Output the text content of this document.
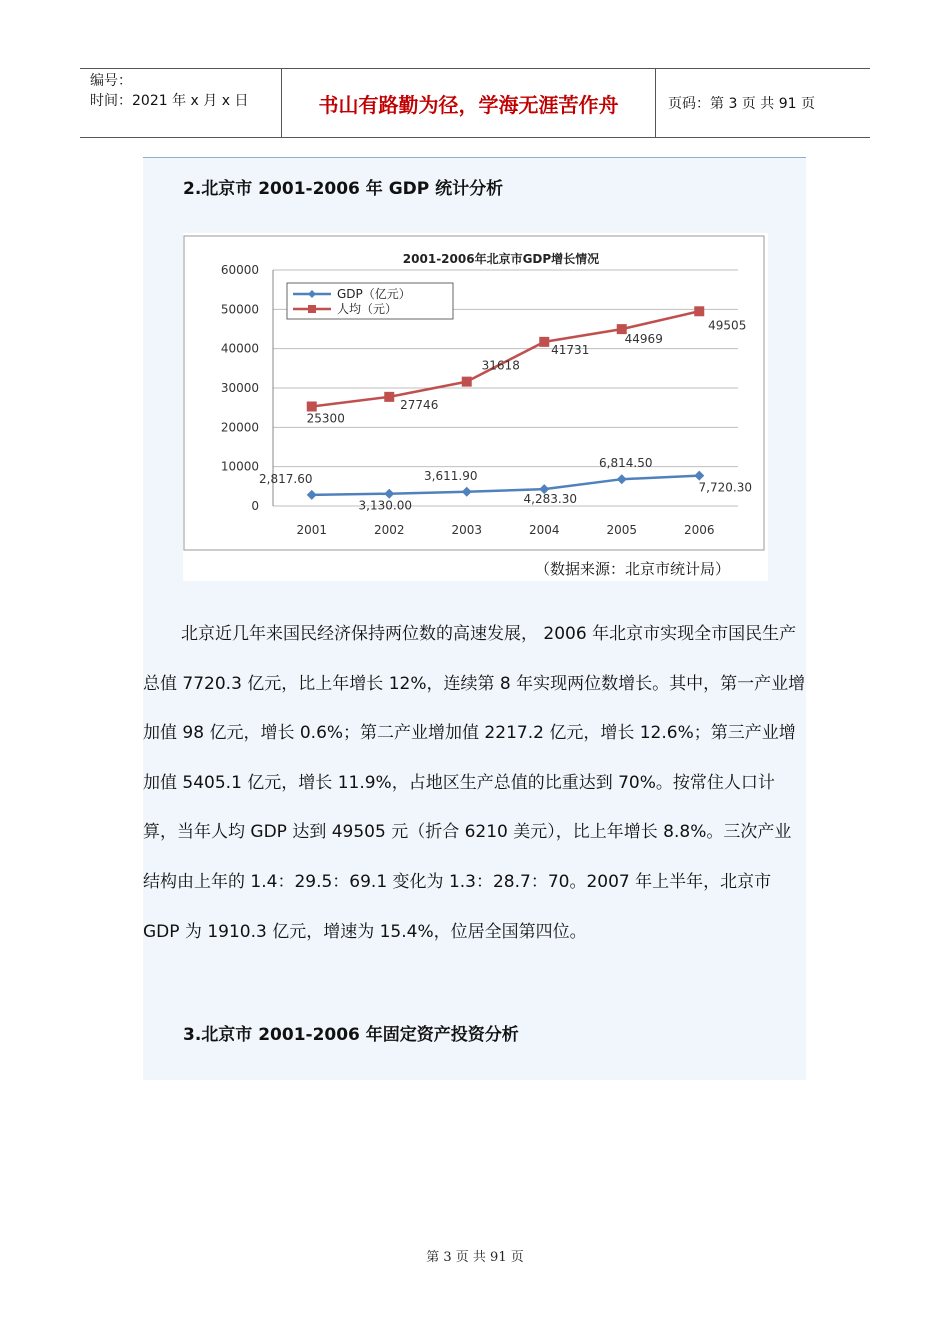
编号：
时间：2021 年 x 月 x 日	书山有路勤为径，学海无涯苦作舟	页码：第 3 页 共 91 页
2.北京市 2001-2006 年 GDP 统计分析
2001-2006年北京市GDP增长情况
0
10000
20000
30000
40000
50000
60000
2001	2002	2003	2004	2005	2006
2,817.60
3,130.00
3,611.90
4,283.30
6,814.50
7,720.30
25300
27746
31618
41731
44969
49505
GDP（亿元）
人均（元）
（数据来源：北京市统计局）
北京近几年来国民经济保持两位数的高速发展， 2006 年北京市实现全市国民生产总值 7720.3 亿元，比上年增长 12%，连续第 8 年实现两位数增长。其中，第一产业增加值 98 亿元，增长 0.6%；第二产业增加值 2217.2 亿元，增长 12.6%；第三产业增加值 5405.1 亿元，增长 11.9%，占地区生产总值的比重达到 70%。按常住人口计算，当年人均 GDP 达到 49505 元（折合 6210 美元），比上年增长 8.8%。三次产业结构由上年的 1.4：29.5：69.1 变化为 1.3：28.7：70。2007 年上半年，北京市 GDP 为 1910.3 亿元，增速为 15.4%，位居全国第四位。
3.北京市 2001-2006 年固定资产投资分析
第 3 页 共 91 页
